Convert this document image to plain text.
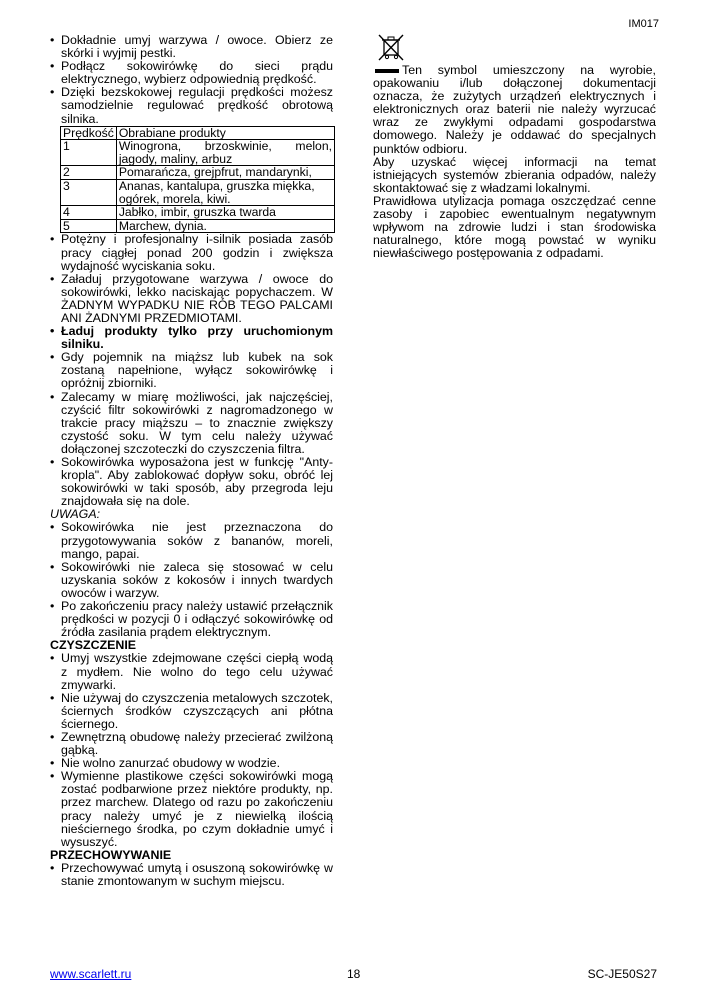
IM017
• Dokładnie umyj warzywa / owoce. Obierz ze skórki i wyjmij pestki.
• Podłącz sokowirówkę do sieci prądu elektrycznego, wybierz odpowiednią prędkość.
• Dzięki bezskokowej regulacji prędkości możesz samodzielnie regulować prędkość obrotową silnika.
Prędkość	Obrabiane produkty
1	Winogrona, brzoskwinie, melon, jagody, maliny, arbuz
2	Pomarańcza, grejpfrut, mandarynki,
3	Ananas, kantalupa, gruszka miękka, ogórek, morela, kiwi.
4	Jabłko, imbir, gruszka twarda
5	Marchew, dynia.
• Potężny i profesjonalny i-silnik posiada zasób pracy ciągłej ponad 200 godzin i zwiększa wydajność wyciskania soku.
• Załaduj przygotowane warzywa / owoce do sokowirówki, lekko naciskając popychaczem. W ŻADNYM WYPADKU NIE RÓB TEGO PALCAMI ANI ŻADNYMI PRZEDMIOTAMI.
• Ładuj produkty tylko przy uruchomionym silniku.
• Gdy pojemnik na miąższ lub kubek na sok zostaną napełnione, wyłącz sokowirówkę i opróżnij zbiorniki.
• Zalecamy w miarę możliwości, jak najczęściej, czyścić filtr sokowirówki z nagromadzonego w trakcie pracy miąższu – to znacznie zwiększy czystość soku. W tym celu należy używać dołączonej szczoteczki do czyszczenia filtra.
• Sokowirówka wyposażona jest w funkcję "Anty-kropla". Aby zablokować dopływ soku, obróć lej sokowirówki w taki sposób, aby przegroda leju znajdowała się na dole.
UWAGA:
• Sokowirówka nie jest przeznaczona do przygotowywania soków z bananów, moreli, mango, papai.
• Sokowirówki nie zaleca się stosować w celu uzyskania soków z kokosów i innych twardych owoców i warzyw.
• Po zakończeniu pracy należy ustawić przełącznik prędkości w pozycji 0 i odłączyć sokowirówkę od źródła zasilania prądem elektrycznym.
CZYSZCZENIE
• Umyj wszystkie zdejmowane części ciepłą wodą z mydłem. Nie wolno do tego celu używać zmywarki.
• Nie używaj do czyszczenia metalowych szczotek, ściernych środków czyszczących ani płótna ściernego.
• Zewnętrzną obudowę należy przecierać zwilżoną gąbką.
• Nie wolno zanurzać obudowy w wodzie.
• Wymienne plastikowe części sokowirówki mogą zostać podbarwione przez niektóre produkty, np. przez marchew. Dlatego od razu po zakończeniu pracy należy umyć je z niewielką ilością nieściernego środka, po czym dokładnie umyć i wysuszyć.
PRZECHOWYWANIE
• Przechowywać umytą i osuszoną sokowirówkę w stanie zmontowanym w suchym miejscu.

Ten symbol umieszczony na wyrobie, opakowaniu i/lub dołączonej dokumentacji oznacza, że zużytych urządzeń elektrycznych i elektronicznych oraz baterii nie należy wyrzucać wraz ze zwykłymi odpadami gospodarstwa domowego. Należy je oddawać do specjalnych punktów odbioru.

Aby uzyskać więcej informacji na temat istniejących systemów zbierania odpadów, należy skontaktować się z władzami lokalnymi.

Prawidłowa utylizacja pomaga oszczędzać cenne zasoby i zapobiec ewentualnym negatywnym wpływom na zdrowie ludzi i stan środowiska naturalnego, które mogą powstać w wyniku niewłaściwego postępowania z odpadami.

www.scarlett.ru	18	SC-JE50S27
